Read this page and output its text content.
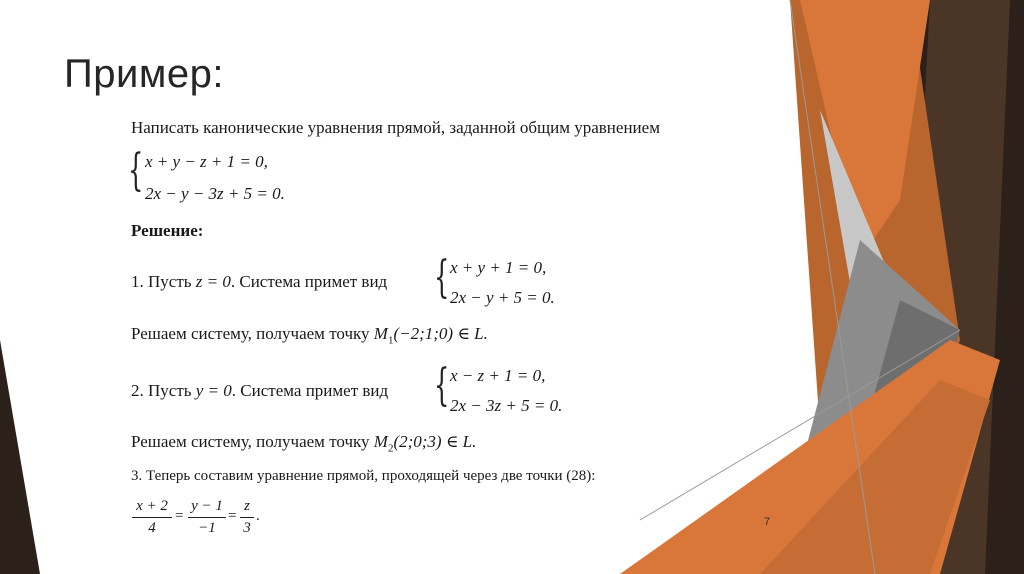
Пример:
Написать канонические уравнения прямой, заданной общим уравнением
{ x + y − z + 1 = 0,
2x − y − 3z + 5 = 0.
Решение:
1. Пусть z = 0. Система примет вид { x + y + 1 = 0,
2x − y + 5 = 0.
Решаем систему, получаем точку $M_1(-2;1;0)$ ∈ L.
2. Пусть y = 0. Система примет вид { x − z + 1 = 0,
2x − 3z + 5 = 0.
Решаем систему, получаем точку $M_2(2;0;3)$ ∈ L.
3. Теперь составим уравнение прямой, проходящей через две точки (28):
x + 2
4
=
y − 1
−1
=
z
3
.	7
